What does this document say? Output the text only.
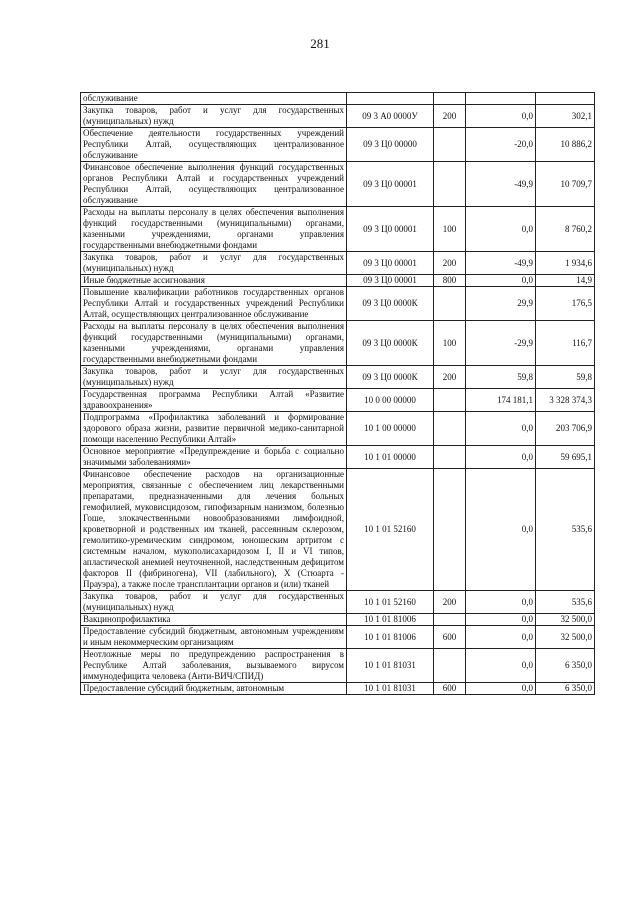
281
обслуживание				
Закупка товаров, работ и услуг для государственных (муниципальных) нужд	09 3 А0 0000У	200	0,0	302,1
Обеспечение деятельности государственных учреждений Республики Алтай, осуществляющих централизованное обслуживание	09 3 Ц0 00000		-20,0	10 886,2
Финансовое обеспечение выполнения функций государственных органов Республики Алтай и государственных учреждений Республики Алтай, осуществляющих централизованное обслуживание	09 3 Ц0 00001		-49,9	10 709,7
Расходы на выплаты персоналу в целях обеспечения выполнения функций государственными (муниципальными) органами, казенными учреждениями, органами управления государственными внебюджетными фондами	09 3 Ц0 00001	100	0,0	8 760,2
Закупка товаров, работ и услуг для государственных (муниципальных) нужд	09 3 Ц0 00001	200	-49,9	1 934,6
Иные бюджетные ассигнования	09 3 Ц0 00001	800	0,0	14,9
Повышение квалификации работников государственных органов Республики Алтай и государственных учреждений Республики Алтай, осуществляющих централизованное обслуживание	09 3 Ц0 0000К		29,9	176,5
Расходы на выплаты персоналу в целях обеспечения выполнения функций государственными (муниципальными) органами, казенными учреждениями, органами управления государственными внебюджетными фондами	09 3 Ц0 0000К	100	-29,9	116,7
Закупка товаров, работ и услуг для государственных (муниципальных) нужд	09 3 Ц0 0000К	200	59,8	59,8
Государственная программа Республики Алтай «Развитие здравоохранения»	10 0 00 00000		174 181,1	3 328 374,3
Подпрограмма «Профилактика заболеваний и формирование здорового образа жизни, развитие первичной медико-санитарной помощи населению Республики Алтай»	10 1 00 00000		0,0	203 706,9
Основное мероприятие «Предупреждение и борьба с социально значимыми заболеваниями»	10 1 01 00000		0,0	59 695,1
Финансовое обеспечение расходов на организационные мероприятия, связанные с обеспечением лиц лекарственными препаратами, предназначенными для лечения больных гемофилией, муковисцидозом, гипофизарным нанизмом, болезнью Гоше, злокачественными новообразованиями лимфоидной, кроветворной и родственных им тканей, рассеянным склерозом, гемолитико-уремическим синдромом, юношеским артритом с системным началом, мукополисахаридозом I, II и VI типов, апластической анемией неуточненной, наследственным дефицитом факторов II (фибриногена), VII (лабильного), X (Стюарта - Прауэра), а также после трансплантации органов и (или) тканей	10 1 01 52160		0,0	535,6
Закупка товаров, работ и услуг для государственных (муниципальных) нужд	10 1 01 52160	200	0,0	535,6
Вакцинопрофилактика	10 1 01 81006		0,0	32 500,0
Предоставление субсидий бюджетным, автономным учреждениям и иным некоммерческим организациям	10 1 01 81006	600	0,0	32 500,0
Неотложные меры по предупреждению распространения в Республике Алтай заболевания, вызываемого вирусом иммунодефицита человека (Анти-ВИЧ/СПИД)	10 1 01 81031		0,0	6 350,0
Предоставление субсидий бюджетным, автономным	10 1 01 81031	600	0,0	6 350,0
